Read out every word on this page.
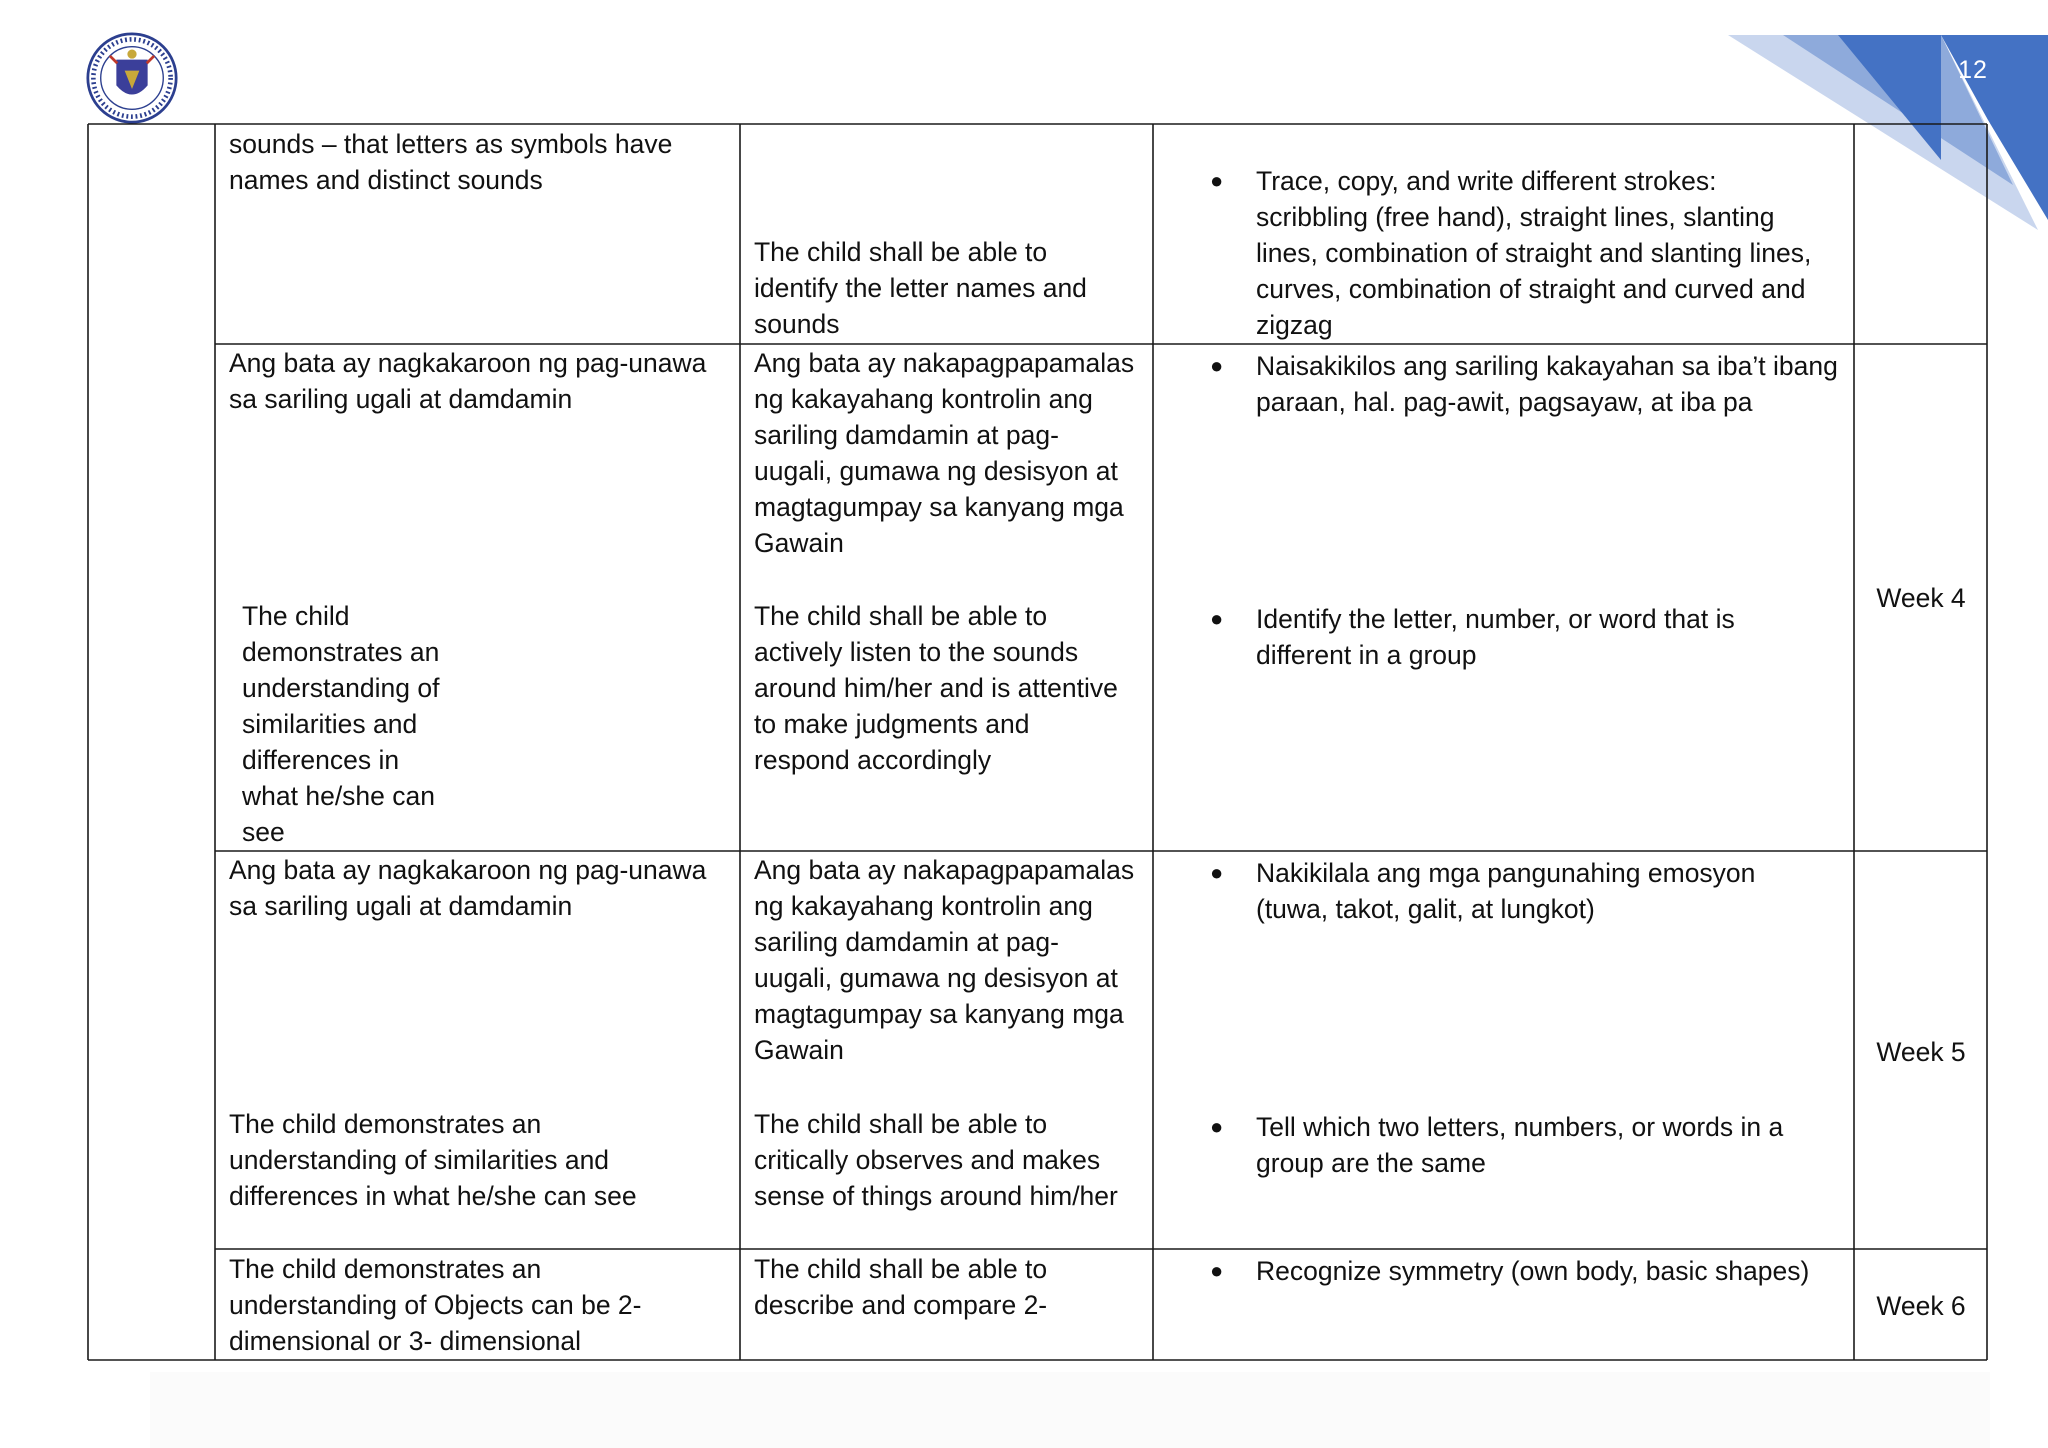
12

sounds – that letters as symbols have
names and distinct sounds

The child shall be able to
identify the letter names and
sounds

● Trace, copy, and write different strokes:
scribbling (free hand), straight lines, slanting
lines, combination of straight and slanting lines,
curves, combination of straight and curved and
zigzag

Ang bata ay nagkakaroon ng pag-unawa
sa sariling ugali at damdamin

Ang bata ay nakapagpapamalas
ng kakayahang kontrolin ang
sariling damdamin at pag-
uugali, gumawa ng desisyon at
magtagumpay sa kanyang mga
Gawain

● Naisakikilos ang sariling kakayahan sa iba’t ibang
paraan, hal. pag-awit, pagsayaw, at iba pa

The child
demonstrates an
understanding of
similarities and
differences in
what he/she can
see

The child shall be able to
actively listen to the sounds
around him/her and is attentive
to make judgments and
respond accordingly

● Identify the letter, number, or word that is
different in a group

Week 4

Ang bata ay nagkakaroon ng pag-unawa
sa sariling ugali at damdamin

Ang bata ay nakapagpapamalas
ng kakayahang kontrolin ang
sariling damdamin at pag-
uugali, gumawa ng desisyon at
magtagumpay sa kanyang mga
Gawain

● Nakikilala ang mga pangunahing emosyon
(tuwa, takot, galit, at lungkot)

The child demonstrates an
understanding of similarities and
differences in what he/she can see

The child shall be able to
critically observes and makes
sense of things around him/her

● Tell which two letters, numbers, or words in a
group are the same

Week 5

The child demonstrates an
understanding of Objects can be 2-
dimensional or 3- dimensional

The child shall be able to
describe and compare 2-

● Recognize symmetry (own body, basic shapes)

Week 6
